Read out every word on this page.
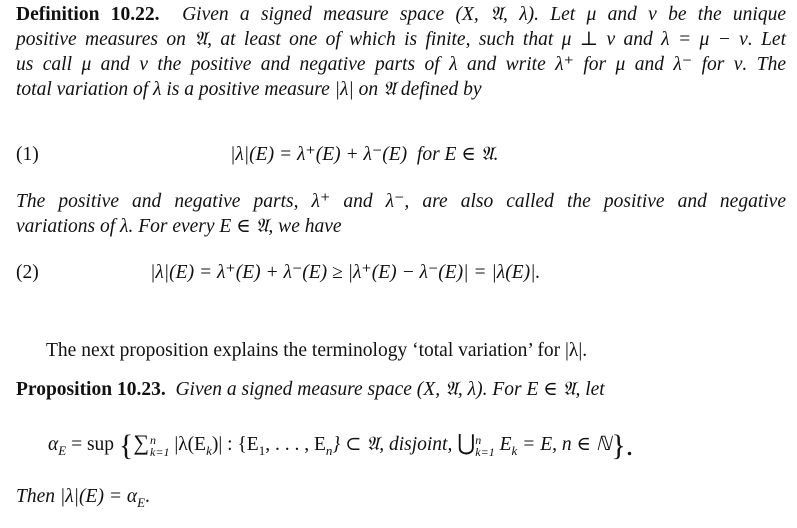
Definition 10.22. Given a signed measure space (X, 𝔄, λ). Let μ and ν be the unique
positive measures on 𝔄, at least one of which is finite, such that μ ⊥ ν and λ = μ − ν. Let
us call μ and ν the positive and negative parts of λ and write λ⁺ for μ and λ⁻ for ν. The
total variation of λ is a positive measure |λ| on 𝔄 defined by
(1)	|λ|(E) = λ⁺(E) + λ⁻(E) for E ∈ 𝔄.
The positive and negative parts, λ⁺ and λ⁻, are also called the positive and negative
variations of λ. For every E ∈ 𝔄, we have
(2)	|λ|(E) = λ⁺(E) + λ⁻(E) ≥ |λ⁺(E) − λ⁻(E)| = |λ(E)|.
The next proposition explains the terminology ‘total variation’ for |λ|.
Proposition 10.23. Given a signed measure space (X, 𝔄, λ). For E ∈ 𝔄, let
$\alpha_E$ = sup {∑ n
k=1 $|\lambda(E_k)|$ : {$E_1$, . . . , $E_n$} ⊂ 𝔄, disjoint, ⋃ n
k=1 $E_k = E$, n ∈ ℕ}.
Then $|\lambda|(E) = \alpha_E$.
